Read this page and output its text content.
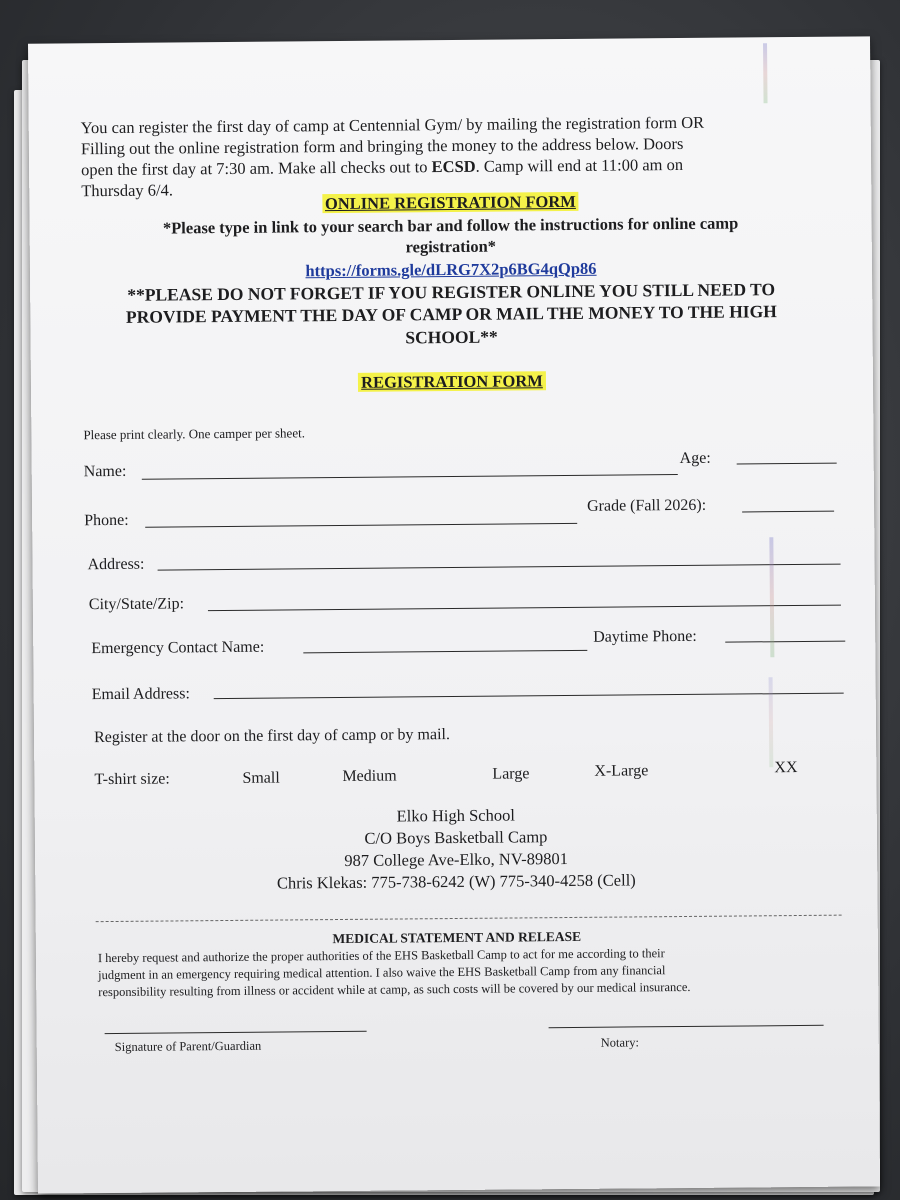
You can register the first day of camp at Centennial Gym/ by mailing the registration form OR
Filling out the online registration form and bringing the money to the address below. Doors
open the first day at 7:30 am. Make all checks out to ECSD. Camp will end at 11:00 am on
Thursday 6/4.
ONLINE REGISTRATION FORM
*Please type in link to your search bar and follow the instructions for online camp
registration*
https://forms.gle/dLRG7X2p6BG4qQp86
**PLEASE DO NOT FORGET IF YOU REGISTER ONLINE YOU STILL NEED TO
PROVIDE PAYMENT THE DAY OF CAMP OR MAIL THE MONEY TO THE HIGH
SCHOOL**
REGISTRATION FORM
Please print clearly. One camper per sheet.
Name:
Age:
Phone:
Grade (Fall 2026):
Address:
City/State/Zip:
Emergency Contact Name:
Daytime Phone:
Email Address:
Register at the door on the first day of camp or by mail.
T-shirt size:	Small	Medium	Large	X-Large	XX
Elko High School
C/O Boys Basketball Camp
987 College Ave-Elko, NV-89801
Chris Klekas: 775-738-6242 (W) 775-340-4258 (Cell)
MEDICAL STATEMENT AND RELEASE
I hereby request and authorize the proper authorities of the EHS Basketball Camp to act for me according to their
judgment in an emergency requiring medical attention. I also waive the EHS Basketball Camp from any financial
responsibility resulting from illness or accident while at camp, as such costs will be covered by our medical insurance.
Signature of Parent/Guardian	Notary:
